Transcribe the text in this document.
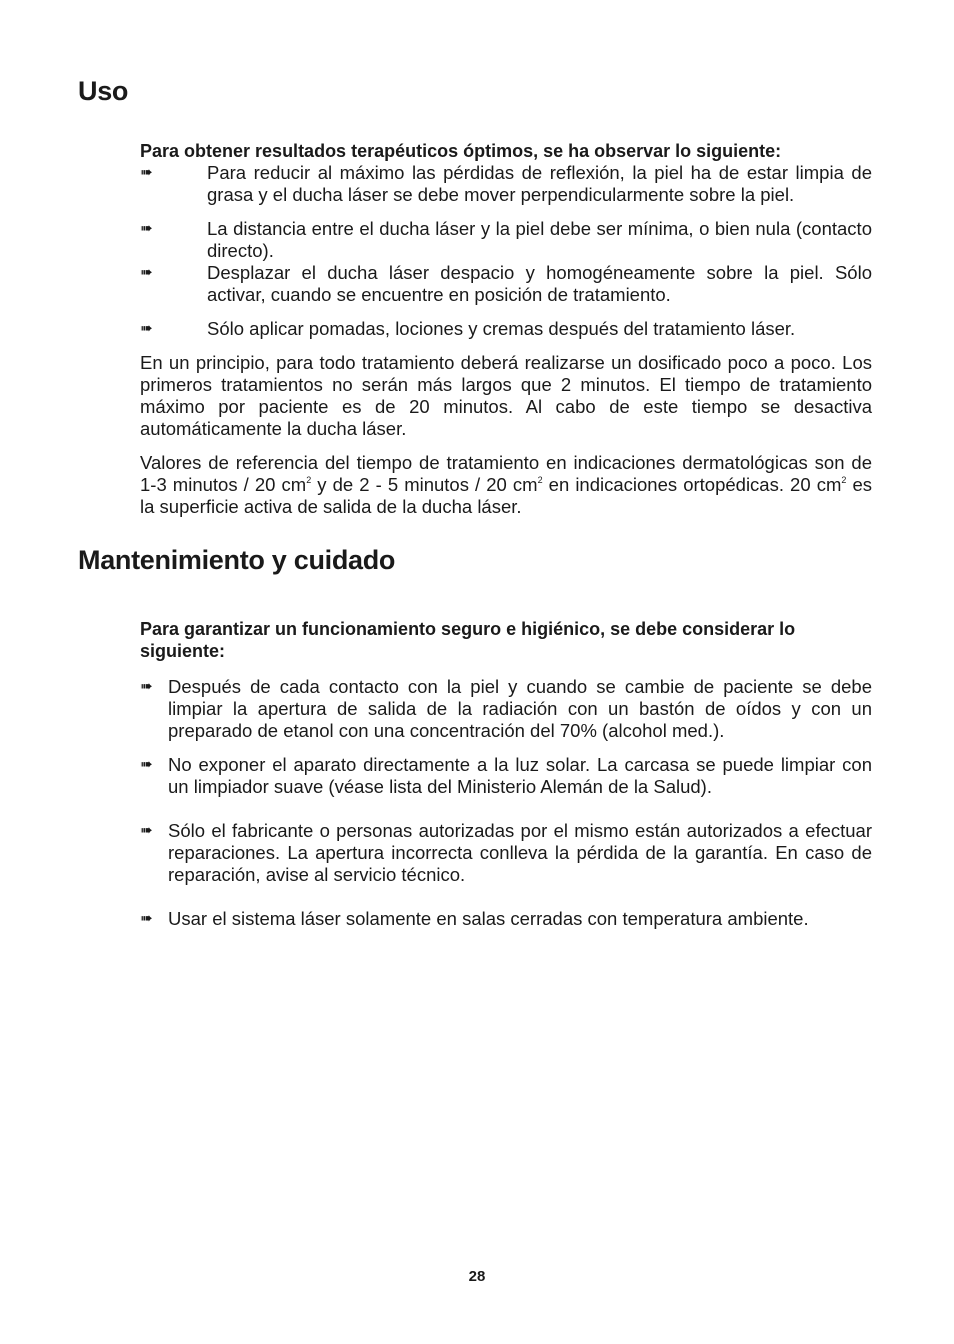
Uso
Para obtener resultados terapéuticos óptimos, se ha observar lo siguiente:
➠	Para reducir al máximo las pérdidas de reflexión, la piel ha de estar limpia de grasa y el ducha láser se debe mover perpendicularmente sobre la piel.
➠	La distancia entre el ducha láser y la piel debe ser mínima, o bien nula (contacto directo).
➠	Desplazar el ducha láser despacio y homogéneamente sobre la piel. Sólo activar, cuando se encuentre en posición de tratamiento.
➠	Sólo aplicar pomadas, lociones y cremas después del tratamiento láser.
En un principio, para todo tratamiento deberá realizarse un dosificado poco a poco. Los primeros tratamientos no serán más largos que 2 minutos. El tiempo de tratamiento máximo por paciente es de 20 minutos. Al cabo de este tiempo se desactiva automáticamente la ducha láser.
Valores de referencia del tiempo de tratamiento en indicaciones dermatológicas son de 1-3 minutos / 20 $cm^2$ y de 2 - 5 minutos / 20 $cm^2$ en indicaciones ortopédicas. 20 $cm^2$ es la superficie activa de salida de la ducha láser.
Mantenimiento y cuidado
Para garantizar un funcionamiento seguro e higiénico, se debe considerar lo siguiente:
➠ Después de cada contacto con la piel y cuando se cambie de paciente se debe limpiar la apertura de salida de la radiación con un bastón de oídos y con un preparado de etanol con una concentración del 70% (alcohol med.).
➠ No exponer el aparato directamente a la luz solar. La carcasa se puede limpiar con un limpiador suave (véase lista del Ministerio Alemán de la Salud).
➠ Sólo el fabricante o personas autorizadas por el mismo están autorizados a efectuar reparaciones. La apertura incorrecta conlleva la pérdida de la garantía. En caso de reparación, avise al servicio técnico.
➠ Usar el sistema láser solamente en salas cerradas con temperatura ambiente.
28
